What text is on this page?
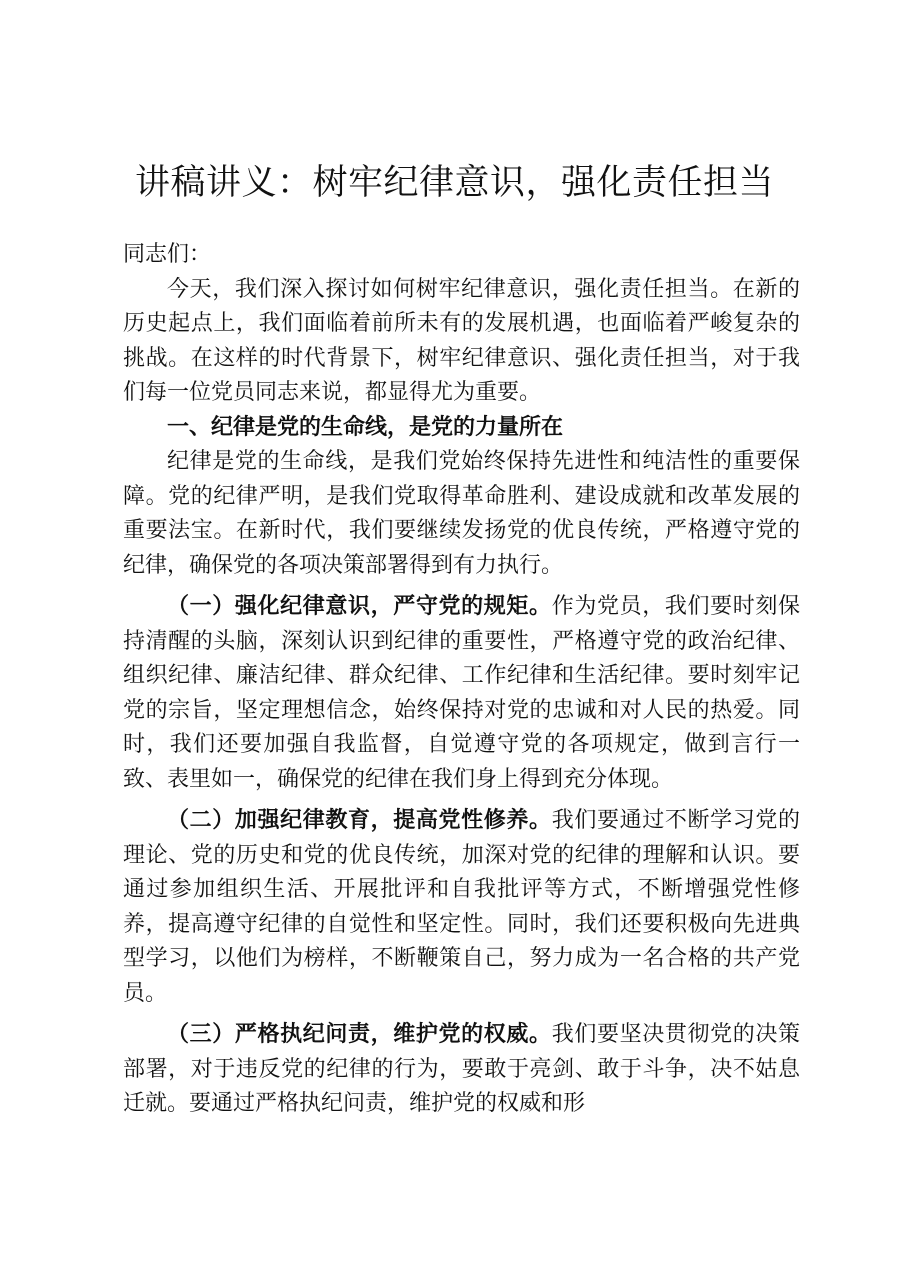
讲稿讲义：树牢纪律意识，强化责任担当

同志们：

今天，我们深入探讨如何树牢纪律意识，强化责任担当。在新的历史起点上，我们面临着前所未有的发展机遇，也面临着严峻复杂的挑战。在这样的时代背景下，树牢纪律意识、强化责任担当，对于我们每一位党员同志来说，都显得尤为重要。

一、纪律是党的生命线，是党的力量所在

纪律是党的生命线，是我们党始终保持先进性和纯洁性的重要保障。党的纪律严明，是我们党取得革命胜利、建设成就和改革发展的重要法宝。在新时代，我们要继续发扬党的优良传统，严格遵守党的纪律，确保党的各项决策部署得到有力执行。

（一）强化纪律意识，严守党的规矩。作为党员，我们要时刻保持清醒的头脑，深刻认识到纪律的重要性，严格遵守党的政治纪律、组织纪律、廉洁纪律、群众纪律、工作纪律和生活纪律。要时刻牢记党的宗旨，坚定理想信念，始终保持对党的忠诚和对人民的热爱。同时，我们还要加强自我监督，自觉遵守党的各项规定，做到言行一致、表里如一，确保党的纪律在我们身上得到充分体现。

（二）加强纪律教育，提高党性修养。我们要通过不断学习党的理论、党的历史和党的优良传统，加深对党的纪律的理解和认识。要通过参加组织生活、开展批评和自我批评等方式，不断增强党性修养，提高遵守纪律的自觉性和坚定性。同时，我们还要积极向先进典型学习，以他们为榜样，不断鞭策自己，努力成为一名合格的共产党员。

（三）严格执纪问责，维护党的权威。我们要坚决贯彻党的决策部署，对于违反党的纪律的行为，要敢于亮剑、敢于斗争，决不姑息迁就。要通过严格执纪问责，维护党的权威和形
